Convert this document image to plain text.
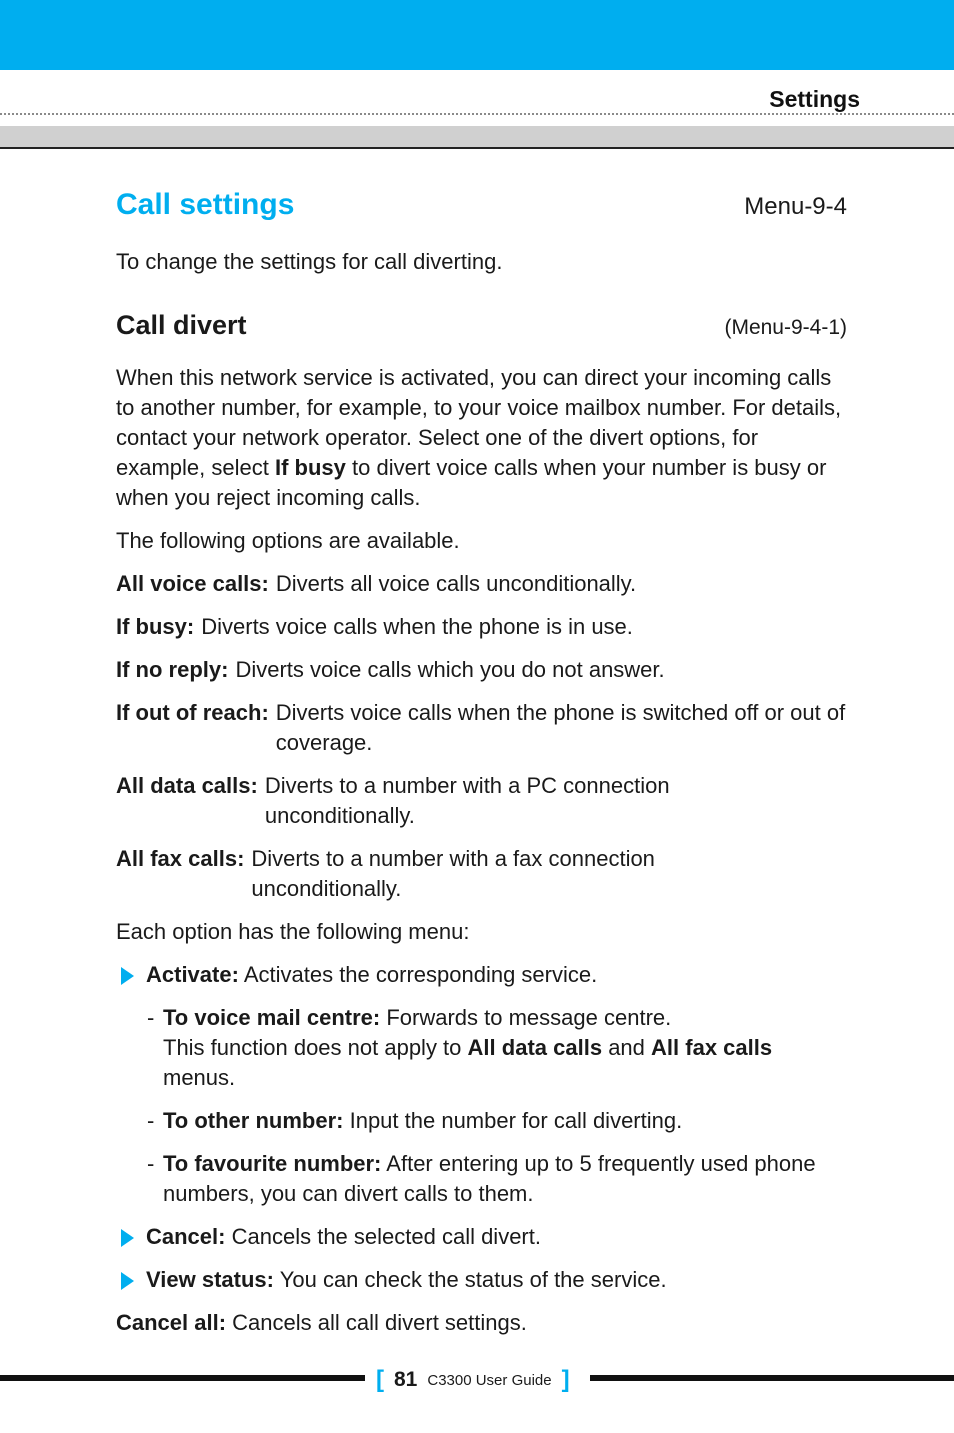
Settings
Call settings	Menu-9-4

To change the settings for call diverting.

Call divert	(Menu-9-4-1)

When this network service is activated, you can direct your incoming calls to another number, for example, to your voice mailbox number. For details, contact your network operator. Select one of the divert options, for example, select If busy to divert voice calls when your number is busy or when you reject incoming calls.

The following options are available.

All voice calls: Diverts all voice calls unconditionally.
If busy: Diverts voice calls when the phone is in use.
If no reply: Diverts voice calls which you do not answer.
If out of reach: Diverts voice calls when the phone is switched off or out of coverage.
All data calls: Diverts to a number with a PC connection unconditionally.
All fax calls: Diverts to a number with a fax connection unconditionally.

Each option has the following menu:

Activate: Activates the corresponding service.
- To voice mail centre: Forwards to message centre.
This function does not apply to All data calls and All fax calls menus.
- To other number: Input the number for call diverting.
- To favourite number: After entering up to 5 frequently used phone numbers, you can divert calls to them.
Cancel: Cancels the selected call divert.
View status: You can check the status of the service.

Cancel all: Cancels all call divert settings.

[ 81 C3300 User Guide ]
